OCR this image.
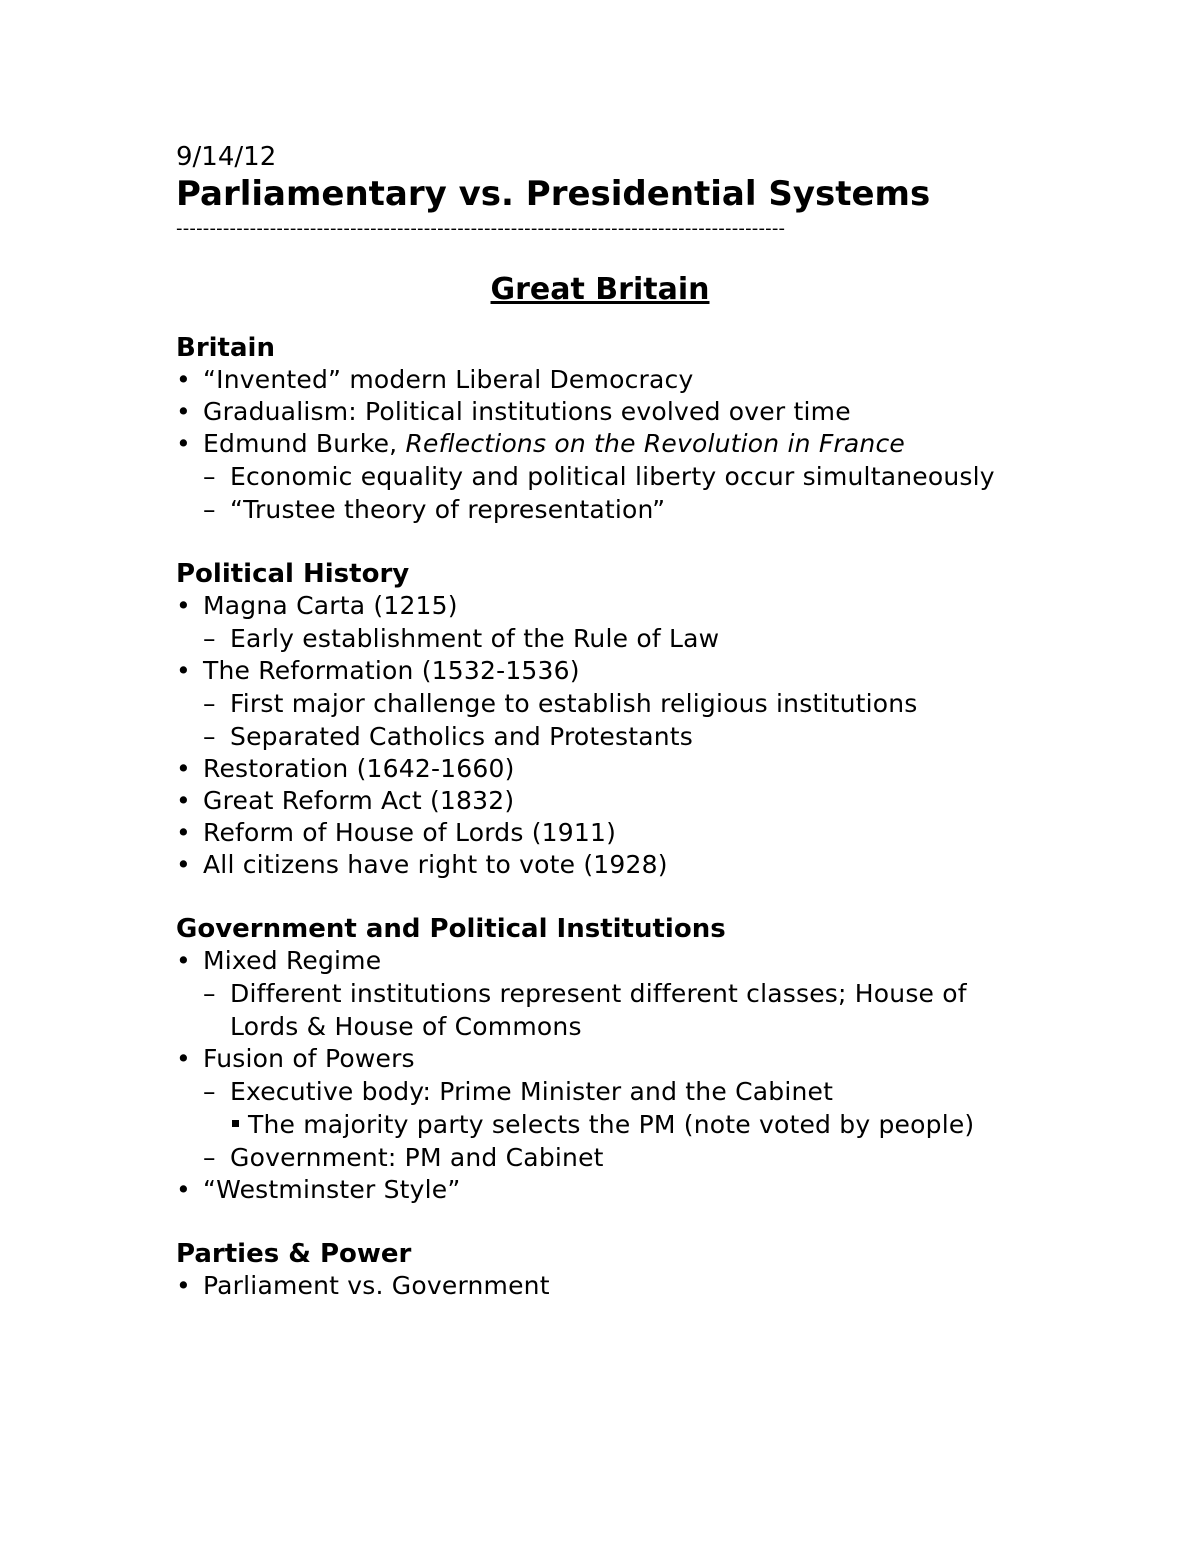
9/14/12

Parliamentary vs. Presidential Systems

-------------------------------------------------------------------------------------------

Great Britain

Britain

• “Invented” modern Liberal Democracy
• Gradualism: Political institutions evolved over time
• Edmund Burke, Reflections on the Revolution in France
– Economic equality and political liberty occur simultaneously
– “Trustee theory of representation”

Political History

• Magna Carta (1215)
– Early establishment of the Rule of Law
• The Reformation (1532-1536)
– First major challenge to establish religious institutions
– Separated Catholics and Protestants
• Restoration (1642-1660)
• Great Reform Act (1832)
• Reform of House of Lords (1911)
• All citizens have right to vote (1928)

Government and Political Institutions

• Mixed Regime
– Different institutions represent different classes; House of Lords & House of Commons
• Fusion of Powers
– Executive body: Prime Minister and the Cabinet
The majority party selects the PM (note voted by people)
– Government: PM and Cabinet
• “Westminster Style”

Parties & Power

• Parliament vs. Government
